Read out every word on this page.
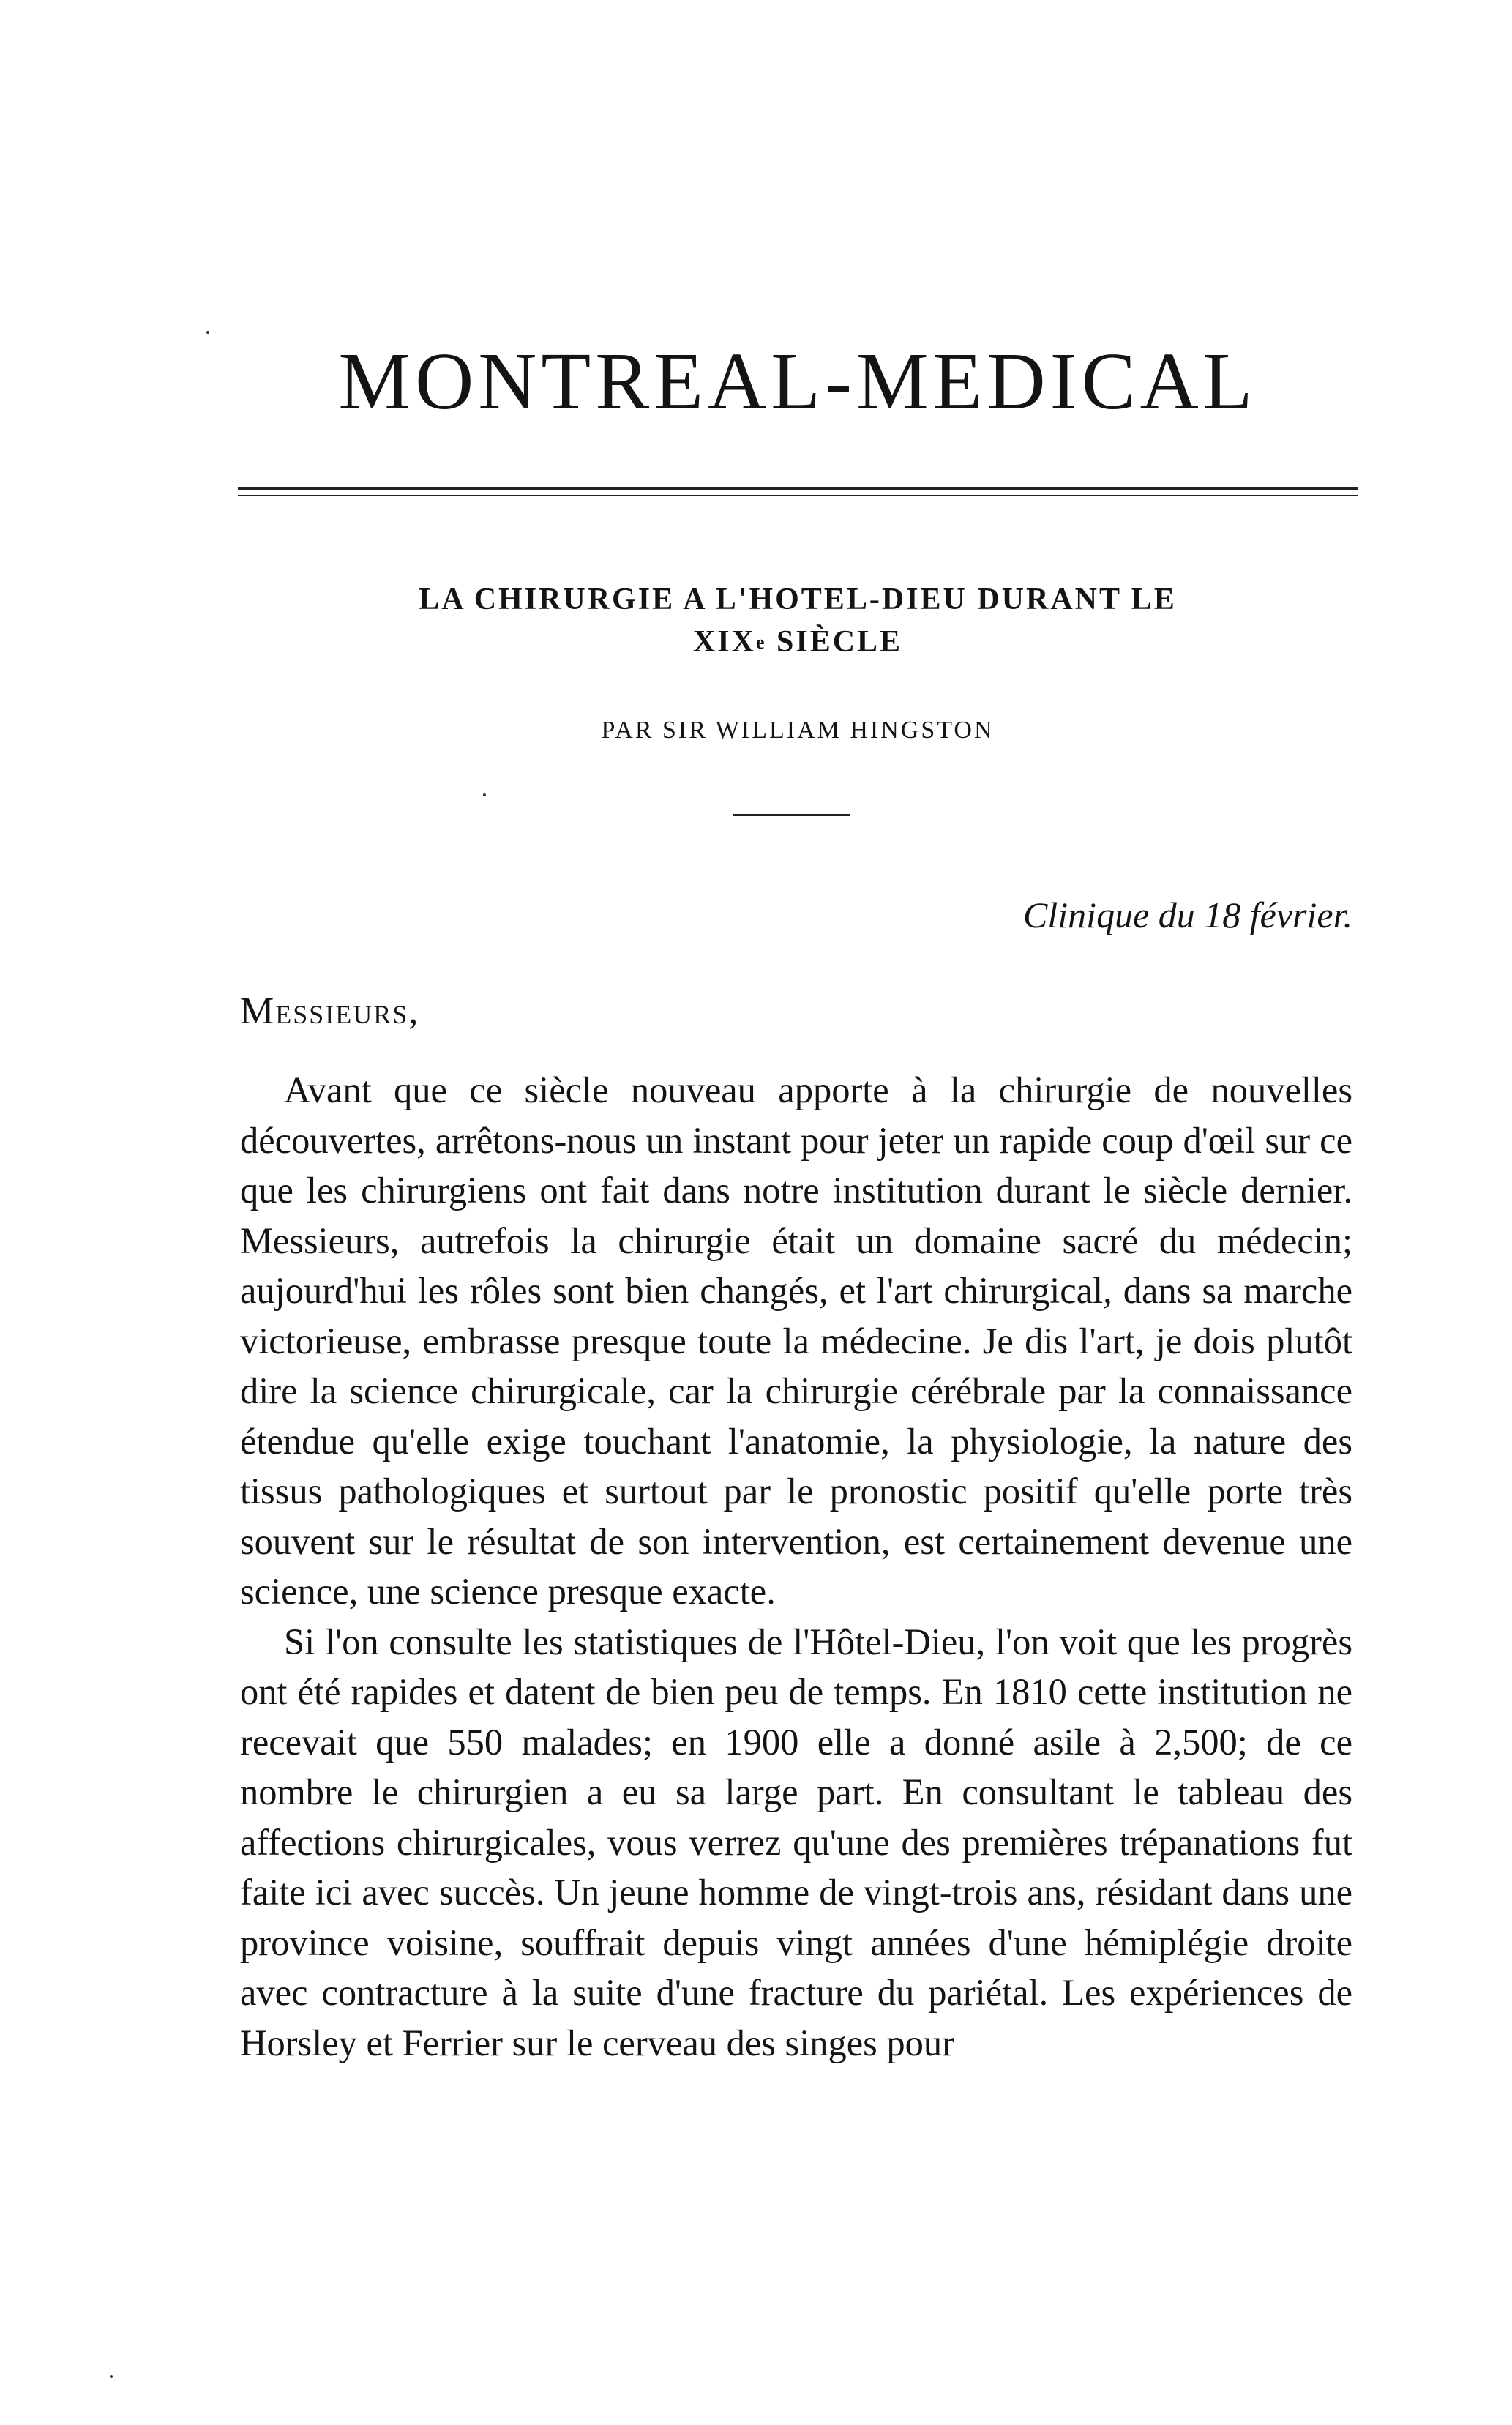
MONTREAL-MEDICAL
LA CHIRURGIE A L'HOTEL-DIEU DURANT LE
XIXe SIÈCLE
PAR SIR WILLIAM HINGSTON
Clinique du 18 février.
Messieurs,

Avant que ce siècle nouveau apporte à la chirurgie de nouvelles découvertes, arrêtons-nous un instant pour jeter un rapide coup d'œil sur ce que les chirurgiens ont fait dans notre institution durant le siècle dernier. Messieurs, autrefois la chirurgie était un domaine sacré du médecin; aujourd'hui les rôles sont bien changés, et l'art chirurgical, dans sa marche victorieuse, embrasse presque toute la médecine. Je dis l'art, je dois plutôt dire la science chirurgicale, car la chirurgie cérébrale par la connaissance étendue qu'elle exige touchant l'anatomie, la physiologie, la nature des tissus pathologiques et surtout par le pronostic positif qu'elle porte très souvent sur le résultat de son intervention, est certainement devenue une science, une science presque exacte.

Si l'on consulte les statistiques de l'Hôtel-Dieu, l'on voit que les progrès ont été rapides et datent de bien peu de temps. En 1810 cette institution ne recevait que 550 malades; en 1900 elle a donné asile à 2,500; de ce nombre le chirurgien a eu sa large part. En consultant le tableau des affections chirurgicales, vous verrez qu'une des premières trépanations fut faite ici avec succès. Un jeune homme de vingt-trois ans, résidant dans une province voisine, souffrait depuis vingt années d'une hémiplégie droite avec contracture à la suite d'une fracture du pariétal. Les expériences de Horsley et Ferrier sur le cerveau des singes pour
